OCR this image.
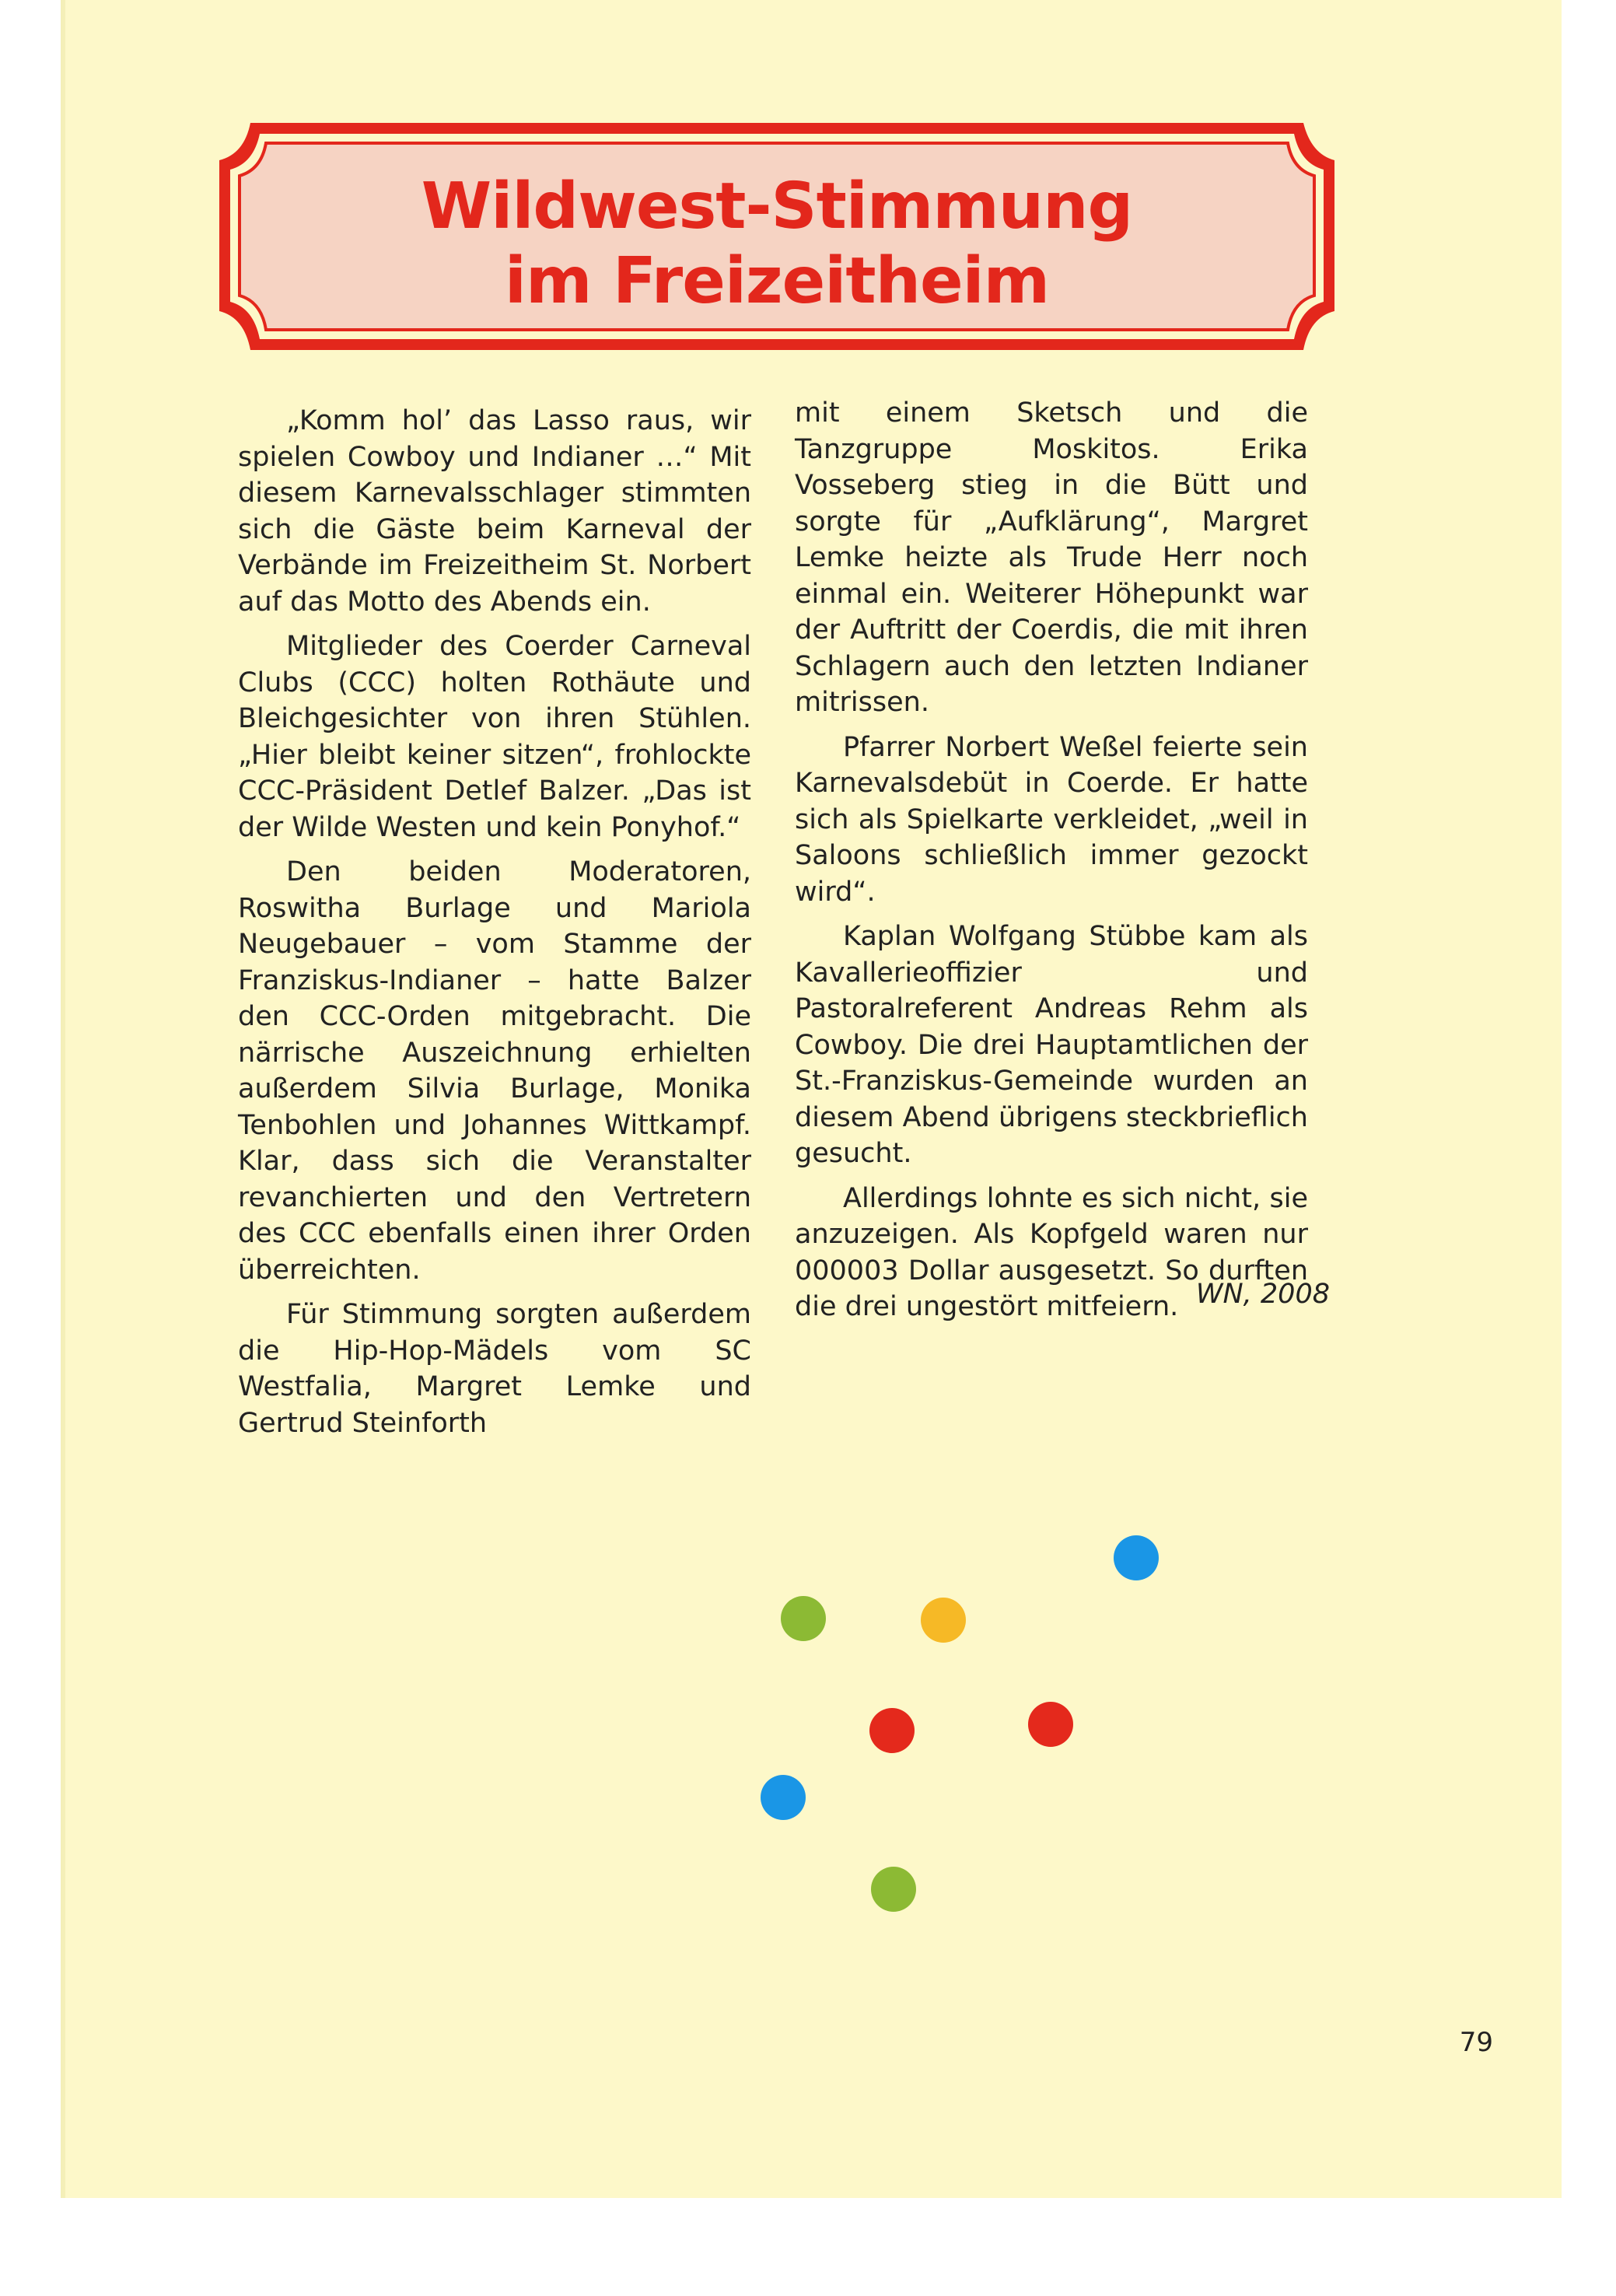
Wildwest-Stimmung
im Freizeitheim

„Komm hol’ das Lasso raus, wir spielen Cowboy und Indianer …“ Mit diesem Karnevalsschlager stimmten sich die Gäste beim Karneval der Verbände im Freizeitheim St. Norbert auf das Motto des Abends ein.

Mitglieder des Coerder Carneval Clubs (CCC) holten Rothäute und Bleichgesichter von ihren Stühlen. „Hier bleibt keiner sitzen“, frohlockte CCC-Präsident Detlef Balzer. „Das ist der Wilde Westen und kein Ponyhof.“

Den beiden Moderatoren, Roswitha Burlage und Mariola Neugebauer – vom Stamme der Franziskus-Indianer – hatte Balzer den CCC-Orden mitgebracht. Die närrische Auszeichnung erhielten außerdem Silvia Burlage, Monika Tenbohlen und Johannes Wittkampf. Klar, dass sich die Veranstalter revanchierten und den Vertretern des CCC ebenfalls einen ihrer Orden überreichten.

Für Stimmung sorgten außerdem die Hip-Hop-Mädels vom SC Westfalia, Margret Lemke und Gertrud Steinforth

mit einem Sketsch und die Tanzgruppe Moskitos. Erika Vosseberg stieg in die Bütt und sorgte für „Aufklärung“, Margret Lemke heizte als Trude Herr noch einmal ein. Weiterer Höhepunkt war der Auftritt der Coerdis, die mit ihren Schlagern auch den letzten Indianer mitrissen.

Pfarrer Norbert Weßel feierte sein Karnevalsdebüt in Coerde. Er hatte sich als Spielkarte verkleidet, „weil in Saloons schließlich immer gezockt wird“.

Kaplan Wolfgang Stübbe kam als Kavallerieoffizier und Pastoralreferent Andreas Rehm als Cowboy. Die drei Hauptamtlichen der St.-Franziskus-Gemeinde wurden an diesem Abend übrigens steckbrieflich gesucht.

Allerdings lohnte es sich nicht, sie anzuzeigen. Als Kopfgeld waren nur 000003 Dollar ausgesetzt. So durften die drei ungestört mitfeiern. WN, 2008
79
